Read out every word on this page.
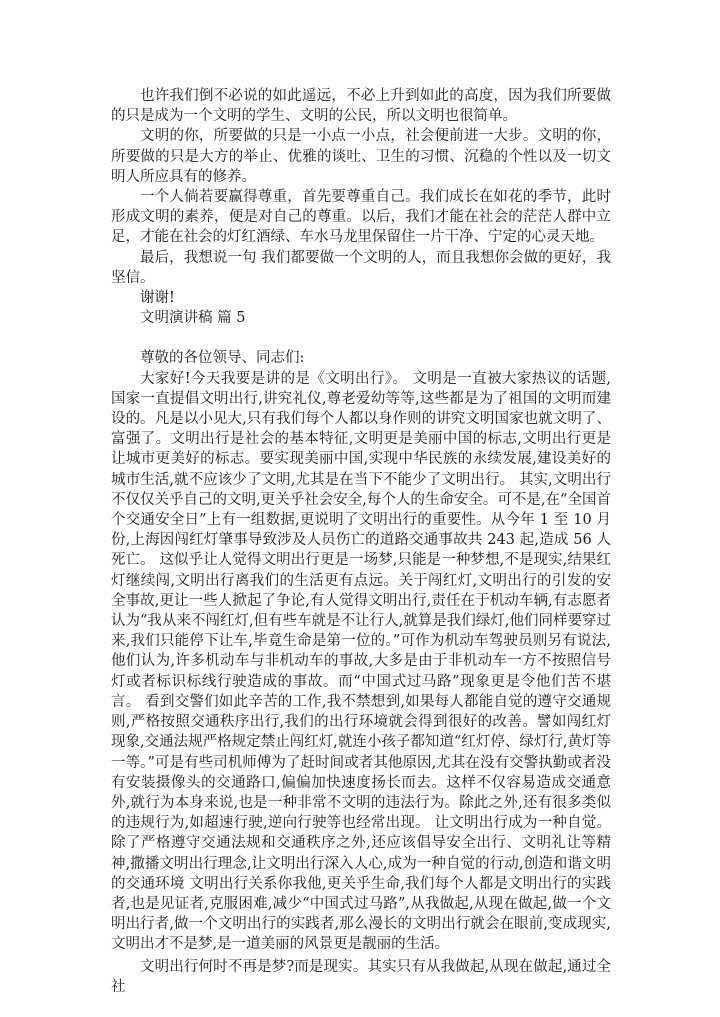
也许我们倒不必说的如此遥远，不必上升到如此的高度，因为我们所要做的只是成为一个文明的学生、文明的公民，所以文明也很简单。

文明的你，所要做的只是一小点一小点，社会便前进一大步。文明的你，所要做的只是大方的举止、优雅的谈吐、卫生的习惯、沉稳的个性以及一切文明人所应具有的修养。

一个人倘若要赢得尊重，首先要尊重自己。我们成长在如花的季节，此时形成文明的素养，便是对自己的尊重。以后，我们才能在社会的茫茫人群中立足，才能在社会的灯红酒绿、车水马龙里保留住一片干净、宁定的心灵天地。

最后，我想说一句 我们都要做一个文明的人，而且我想你会做的更好，我坚信。

谢谢!

文明演讲稿 篇 5

尊敬的各位领导、同志们:

大家好!今天我要是讲的是《文明出行》。 文明是一直被大家热议的话题,国家一直提倡文明出行,讲究礼仪,尊老爱幼等等,这些都是为了祖国的文明而建设的。凡是以小见大,只有我们每个人都以身作则的讲究文明国家也就文明了、富强了。文明出行是社会的基本特征,文明更是美丽中国的标志,文明出行更是让城市更美好的标志。要实现美丽中国,实现中华民族的永续发展,建设美好的城市生活,就不应该少了文明,尤其是在当下不能少了文明出行。 其实,文明出行不仅仅关乎自己的文明,更关乎社会安全,每个人的生命安全。可不是,在“全国首个交通安全日”上有一组数据,更说明了文明出行的重要性。从今年 1 至 10 月份,上海因闯红灯肇事导致涉及人员伤亡的道路交通事故共 243 起,造成 56 人死亡。 这似乎让人觉得文明出行更是一场梦,只能是一种梦想,不是现实,结果红灯继续闯,文明出行离我们的生活更有点远。关于闯红灯,文明出行的引发的安全事故,更让一些人掀起了争论,有人觉得文明出行,责任在于机动车辆,有志愿者认为“我从来不闯红灯,但有些车就是不让行人,就算是我们绿灯,他们同样要穿过来,我们只能停下让车,毕竟生命是第一位的。”可作为机动车驾驶员则另有说法,他们认为,许多机动车与非机动车的事故,大多是由于非机动车一方不按照信号灯或者标识标线行驶造成的事故。而“中国式过马路”现象更是令他们苦不堪言。 看到交警们如此辛苦的工作,我不禁想到,如果每人都能自觉的遵守交通规则,严格按照交通秩序出行,我们的出行环境就会得到很好的改善。譬如闯红灯现象,交通法规严格规定禁止闯红灯,就连小孩子都知道“红灯停、绿灯行,黄灯等一等。”可是有些司机师傅为了赶时间或者其他原因,尤其在没有交警执勤或者没有安装摄像头的交通路口,偏偏加快速度扬长而去。这样不仅容易造成交通意外,就行为本身来说,也是一种非常不文明的违法行为。除此之外,还有很多类似的违规行为,如超速行驶,逆向行驶等也经常出现。 让文明出行成为一种自觉。除了严格遵守交通法规和交通秩序之外,还应该倡导安全出行、文明礼让等精神,撒播文明出行理念,让文明出行深入人心,成为一种自觉的行动,创造和谐文明的交通环境 文明出行关系你我他,更关乎生命,我们每个人都是文明出行的实践者,也是见证者,克服困难,减少“中国式过马路”,从我做起,从现在做起,做一个文明出行者,做一个文明出行的实践者,那么漫长的文明出行就会在眼前,变成现实,文明出才不是梦,是一道美丽的风景更是靓丽的生活。

文明出行何时不再是梦?而是现实。其实只有从我做起,从现在做起,通过全社
